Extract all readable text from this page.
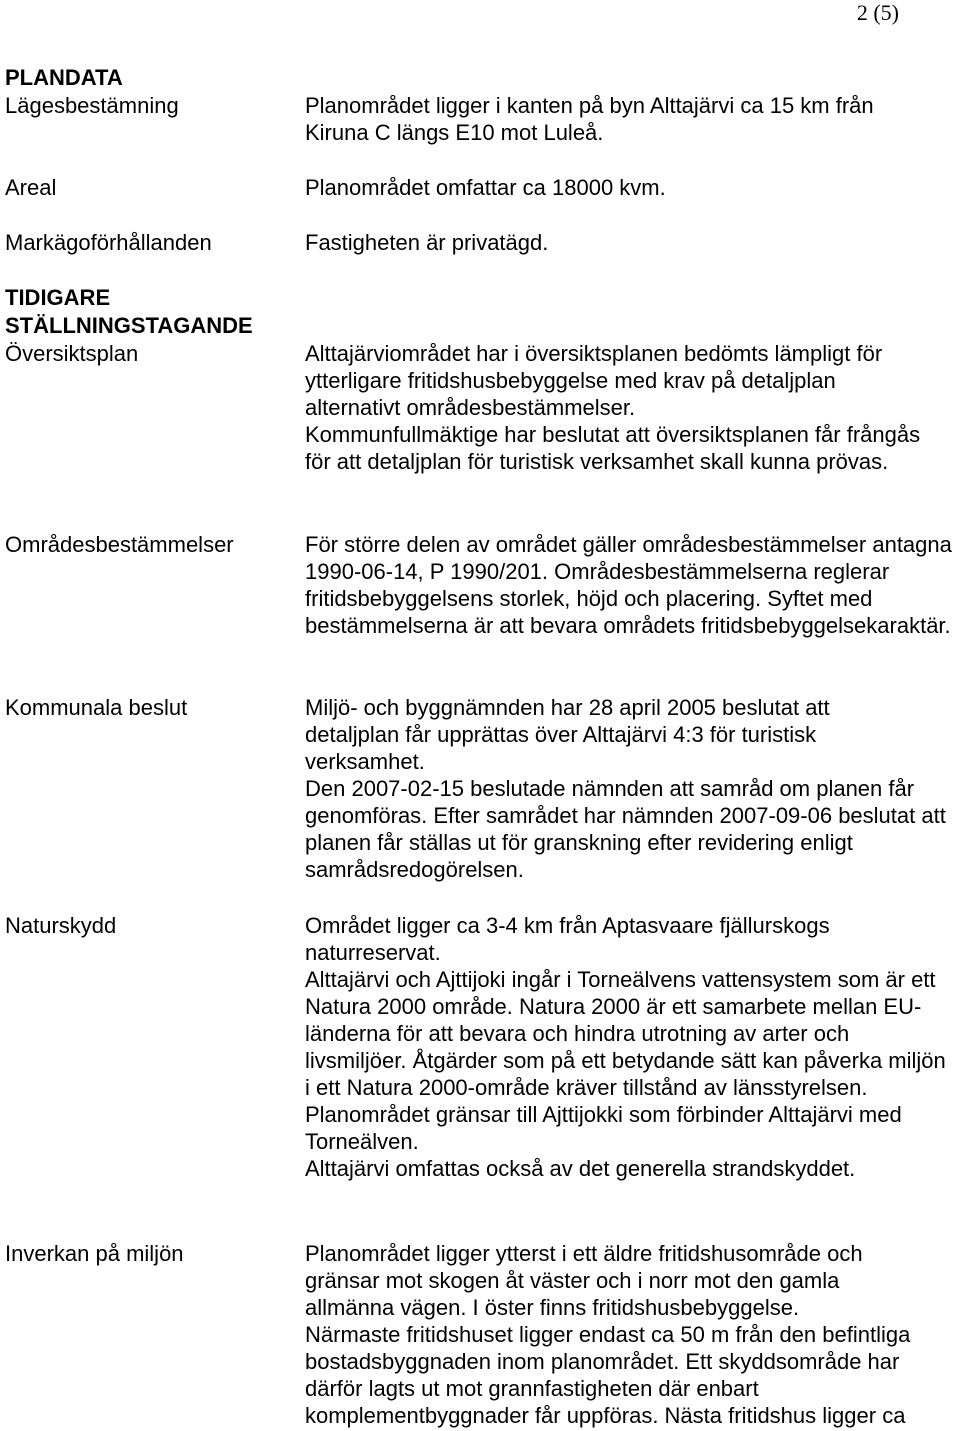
2 (5)
PLANDATA
Lägesbestämning
Areal
Markägoförhållanden
TIDIGARE
STÄLLNINGSTAGANDE
Översiktsplan
Områdesbestämmelser
Kommunala beslut
Naturskydd
Inverkan på miljön

Planområdet ligger i kanten på byn Alttajärvi ca 15 km från Kiruna C längs E10 mot Luleå.

Planområdet omfattar ca 18000 kvm.

Fastigheten är privatägd.

Alttajärviområdet har i översiktsplanen bedömts lämpligt för ytterligare fritidshusbebyggelse med krav på detaljplan alternativt områdesbestämmelser.

Kommunfullmäktige har beslutat att översiktsplanen får frångås för att detaljplan för turistisk verksamhet skall kunna prövas.

För större delen av området gäller områdesbestämmelser antagna 1990-06-14, P 1990/201. Områdesbestämmelserna reglerar fritidsbebyggelsens storlek, höjd och placering. Syftet med bestämmelserna är att bevara områdets fritidsbebyggelsekaraktär.

Miljö- och byggnämnden har 28 april 2005 beslutat att detaljplan får upprättas över Alttajärvi 4:3 för turistisk verksamhet.

Den 2007-02-15 beslutade nämnden att samråd om planen får genomföras. Efter samrådet har nämnden 2007-09-06 beslutat att planen får ställas ut för granskning efter revidering enligt samrådsredogörelsen.

Området ligger ca 3-4 km från Aptasvaare fjällurskogs naturreservat.

Alttajärvi och Ajttijoki ingår i Torneälvens vattensystem som är ett Natura 2000 område. Natura 2000 är ett samarbete mellan EU-länderna för att bevara och hindra utrotning av arter och livsmiljöer. Åtgärder som på ett betydande sätt kan påverka miljön i ett Natura 2000-område kräver tillstånd av länsstyrelsen.

Planområdet gränsar till Ajttijokki som förbinder Alttajärvi med Torneälven.

Alttajärvi omfattas också av det generella strandskyddet.

Planområdet ligger ytterst i ett äldre fritidshusområde och gränsar mot skogen åt väster och i norr mot den gamla allmänna vägen. I öster finns fritidshusbebyggelse.

Närmaste fritidshuset ligger endast ca 50 m från den befintliga bostadsbyggnaden inom planområdet. Ett skyddsområde har därför lagts ut mot grannfastigheten där enbart komplementbyggnader får uppföras. Nästa fritidshus ligger ca
